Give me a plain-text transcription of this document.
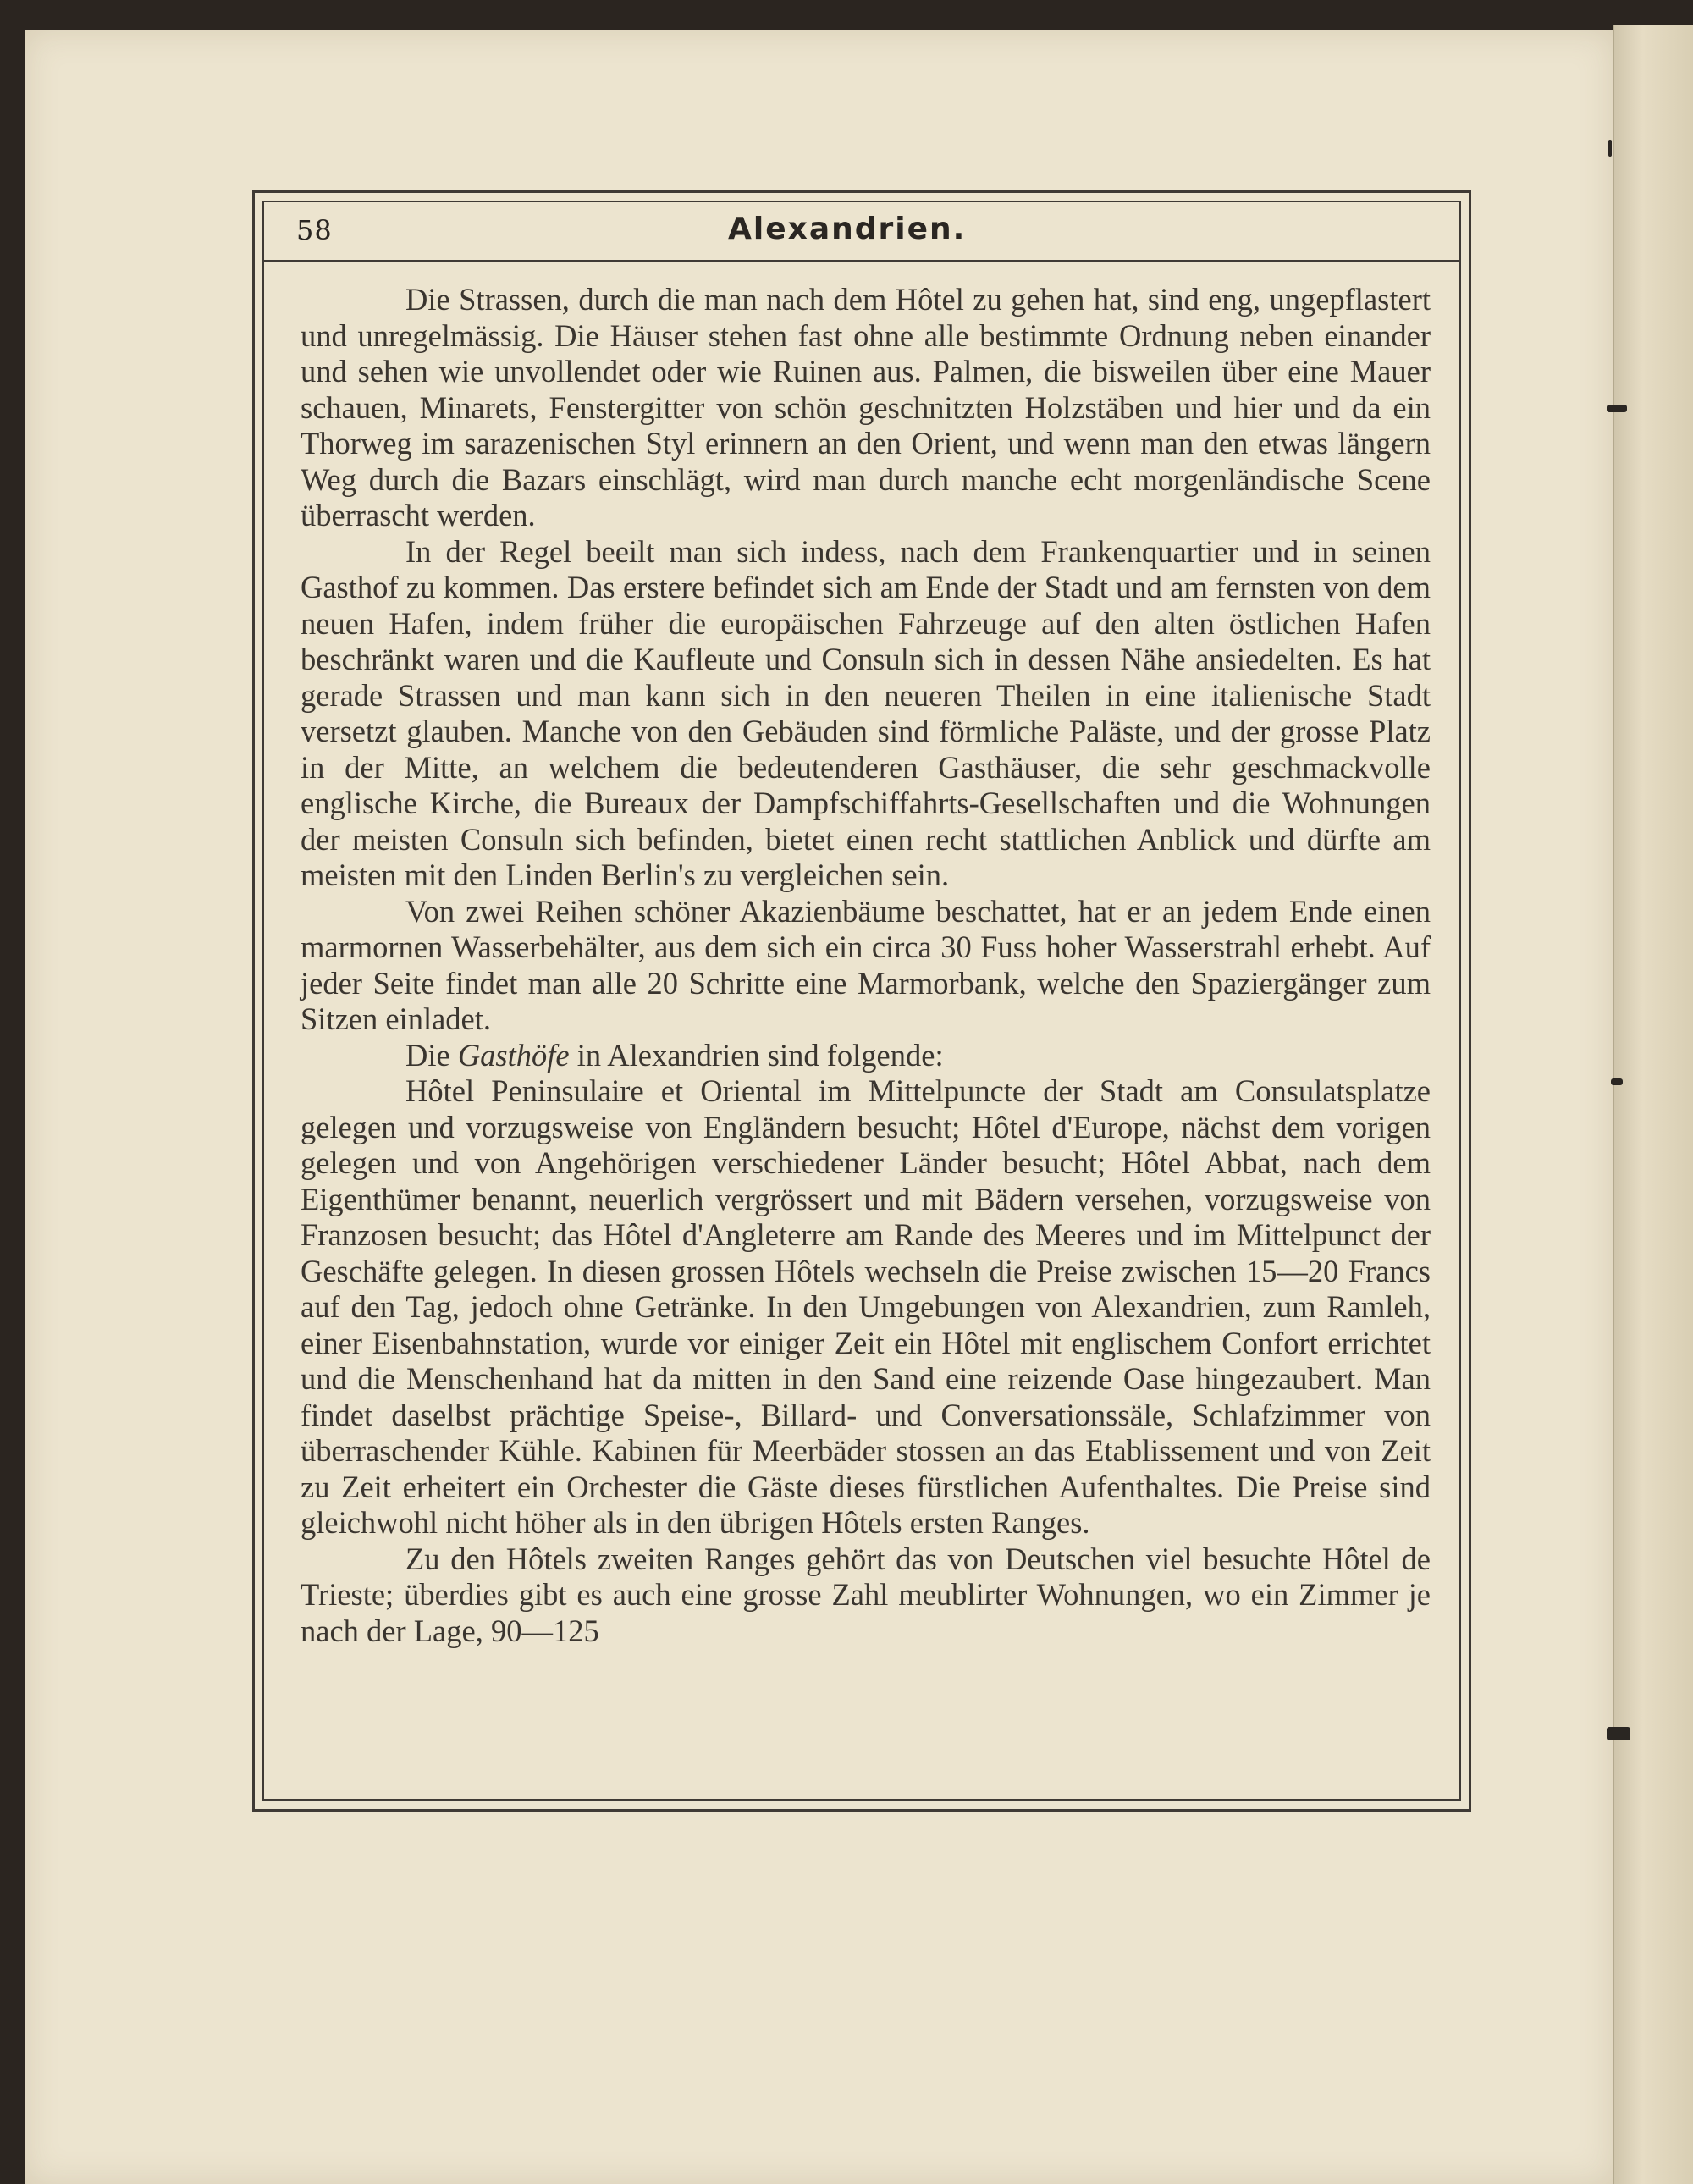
58	Alexandrien.

Die Strassen, durch die man nach dem Hôtel zu gehen hat, sind eng, ungepflastert und unregelmässig. Die Häuser stehen fast ohne alle bestimmte Ordnung neben einander und sehen wie unvollendet oder wie Ruinen aus. Palmen, die bisweilen über eine Mauer schauen, Minarets, Fenstergitter von schön geschnitzten Holzstäben und hier und da ein Thorweg im sarazenischen Styl erinnern an den Orient, und wenn man den etwas längern Weg durch die Bazars einschlägt, wird man durch manche echt morgenländische Scene überrascht werden.

In der Regel beeilt man sich indess, nach dem Frankenquartier und in seinen Gasthof zu kommen. Das erstere befindet sich am Ende der Stadt und am fernsten von dem neuen Hafen, indem früher die europäischen Fahrzeuge auf den alten östlichen Hafen beschränkt waren und die Kaufleute und Consuln sich in dessen Nähe ansiedelten. Es hat gerade Strassen und man kann sich in den neueren Theilen in eine italienische Stadt versetzt glauben. Manche von den Gebäuden sind förmliche Paläste, und der grosse Platz in der Mitte, an welchem die bedeutenderen Gasthäuser, die sehr geschmackvolle englische Kirche, die Bureaux der Dampfschiffahrts-Gesellschaften und die Wohnungen der meisten Consuln sich befinden, bietet einen recht stattlichen Anblick und dürfte am meisten mit den Linden Berlin's zu vergleichen sein.

Von zwei Reihen schöner Akazienbäume beschattet, hat er an jedem Ende einen marmornen Wasserbehälter, aus dem sich ein circa 30 Fuss hoher Wasserstrahl erhebt. Auf jeder Seite findet man alle 20 Schritte eine Marmorbank, welche den Spaziergänger zum Sitzen einladet.

Die Gasthöfe in Alexandrien sind folgende:

Hôtel Peninsulaire et Oriental im Mittelpuncte der Stadt am Consulatsplatze gelegen und vorzugsweise von Engländern besucht; Hôtel d'Europe, nächst dem vorigen gelegen und von Angehörigen verschiedener Länder besucht; Hôtel Abbat, nach dem Eigenthümer benannt, neuerlich vergrössert und mit Bädern versehen, vorzugsweise von Franzosen besucht; das Hôtel d'Angleterre am Rande des Meeres und im Mittelpunct der Geschäfte gelegen. In diesen grossen Hôtels wechseln die Preise zwischen 15—20 Francs auf den Tag, jedoch ohne Getränke. In den Umgebungen von Alexandrien, zum Ramleh, einer Eisenbahnstation, wurde vor einiger Zeit ein Hôtel mit englischem Confort errichtet und die Menschenhand hat da mitten in den Sand eine reizende Oase hingezaubert. Man findet daselbst prächtige Speise-, Billard- und Conversationssäle, Schlafzimmer von überraschender Kühle. Kabinen für Meerbäder stossen an das Etablissement und von Zeit zu Zeit erheitert ein Orchester die Gäste dieses fürstlichen Aufenthaltes. Die Preise sind gleichwohl nicht höher als in den übrigen Hôtels ersten Ranges.

Zu den Hôtels zweiten Ranges gehört das von Deutschen viel besuchte Hôtel de Trieste; überdies gibt es auch eine grosse Zahl meublirter Wohnungen, wo ein Zimmer je nach der Lage, 90—125
